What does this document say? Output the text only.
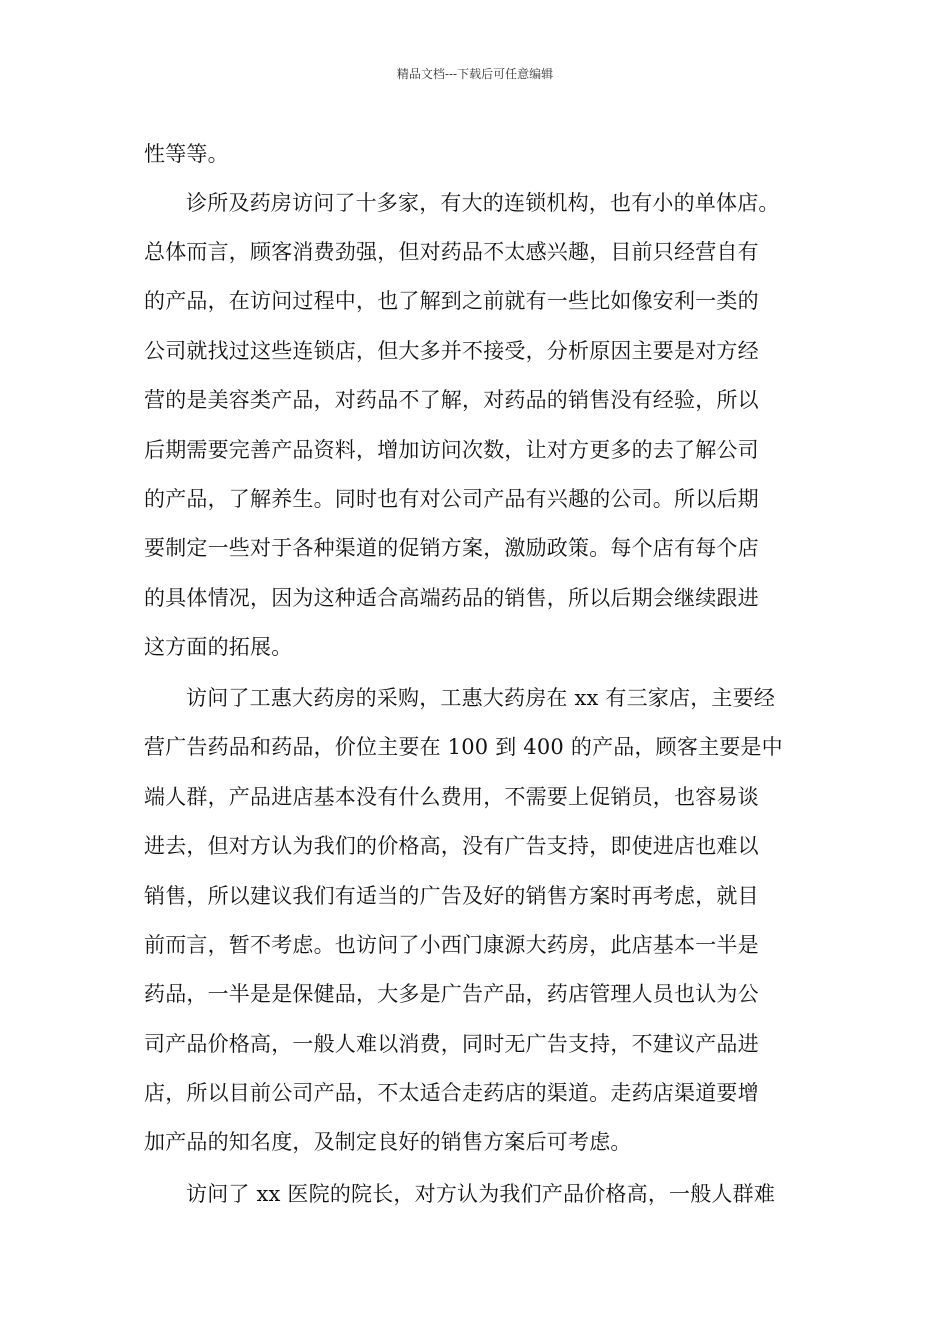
精品文档---下载后可任意编辑
性等等。
诊所及药房访问了十多家，有大的连锁机构，也有小的单体店。
总体而言，顾客消费劲强，但对药品不太感兴趣，目前只经营自有
的产品，在访问过程中，也了解到之前就有一些比如像安利一类的
公司就找过这些连锁店，但大多并不接受，分析原因主要是对方经
营的是美容类产品，对药品不了解，对药品的销售没有经验，所以
后期需要完善产品资料，增加访问次数，让对方更多的去了解公司
的产品，了解养生。同时也有对公司产品有兴趣的公司。所以后期
要制定一些对于各种渠道的促销方案，激励政策。每个店有每个店
的具体情况，因为这种适合高端药品的销售，所以后期会继续跟进
这方面的拓展。
访问了工惠大药房的采购，工惠大药房在 xx 有三家店，主要经
营广告药品和药品，价位主要在 100 到 400 的产品，顾客主要是中
端人群，产品进店基本没有什么费用，不需要上促销员，也容易谈
进去，但对方认为我们的价格高，没有广告支持，即使进店也难以
销售，所以建议我们有适当的广告及好的销售方案时再考虑，就目
前而言，暂不考虑。也访问了小西门康源大药房，此店基本一半是
药品，一半是是保健品，大多是广告产品，药店管理人员也认为公
司产品价格高，一般人难以消费，同时无广告支持，不建议产品进
店，所以目前公司产品，不太适合走药店的渠道。走药店渠道要增
加产品的知名度，及制定良好的销售方案后可考虑。
访问了 xx 医院的院长，对方认为我们产品价格高，一般人群难
